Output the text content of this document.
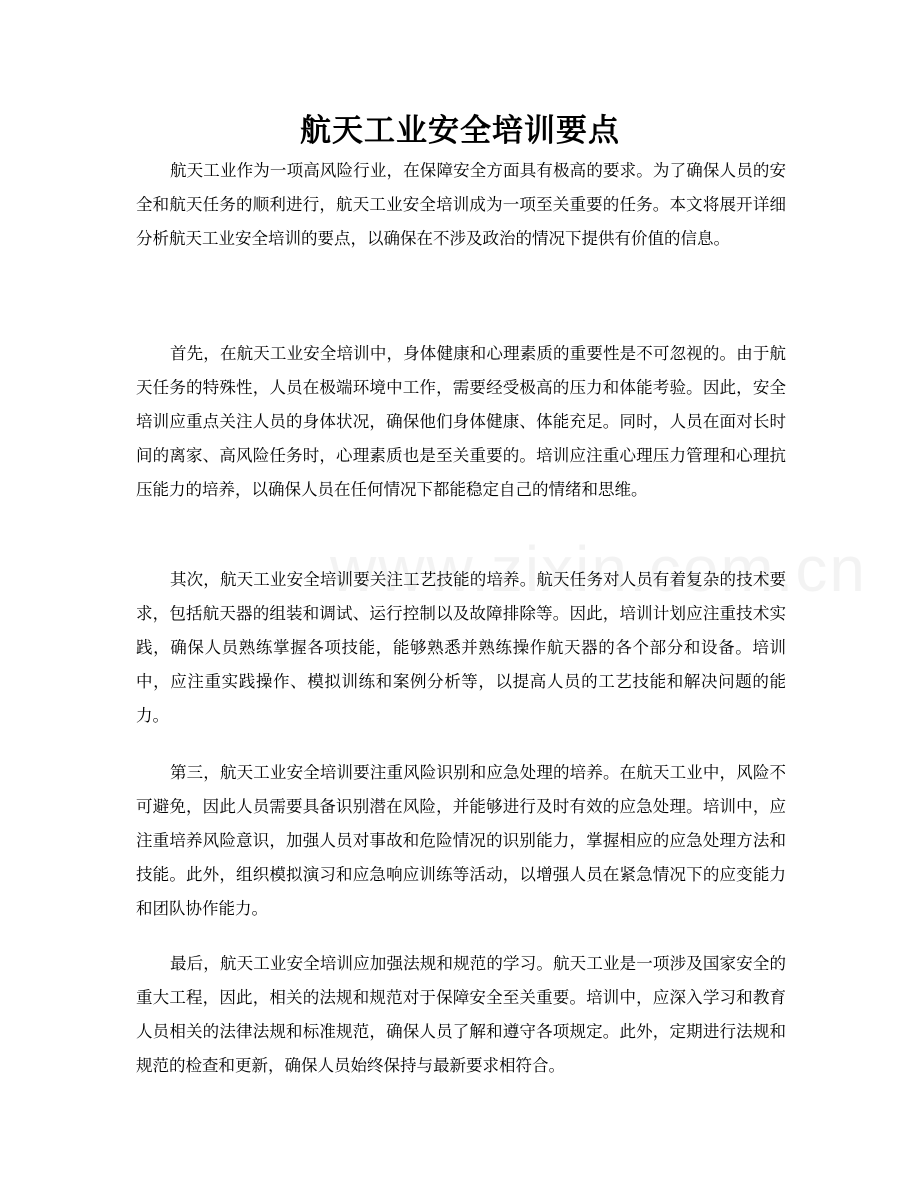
航天工业安全培训要点

航天工业作为一项高风险行业，在保障安全方面具有极高的要求。为了确保人员的安全和航天任务的顺利进行，航天工业安全培训成为一项至关重要的任务。本文将展开详细分析航天工业安全培训的要点，以确保在不涉及政治的情况下提供有价值的信息。

首先，在航天工业安全培训中，身体健康和心理素质的重要性是不可忽视的。由于航天任务的特殊性，人员在极端环境中工作，需要经受极高的压力和体能考验。因此，安全培训应重点关注人员的身体状况，确保他们身体健康、体能充足。同时，人员在面对长时间的离家、高风险任务时，心理素质也是至关重要的。培训应注重心理压力管理和心理抗压能力的培养，以确保人员在任何情况下都能稳定自己的情绪和思维。

其次，航天工业安全培训要关注工艺技能的培养。航天任务对人员有着复杂的技术要求，包括航天器的组装和调试、运行控制以及故障排除等。因此，培训计划应注重技术实践，确保人员熟练掌握各项技能，能够熟悉并熟练操作航天器的各个部分和设备。培训中，应注重实践操作、模拟训练和案例分析等，以提高人员的工艺技能和解决问题的能力。

第三，航天工业安全培训要注重风险识别和应急处理的培养。在航天工业中，风险不可避免，因此人员需要具备识别潜在风险，并能够进行及时有效的应急处理。培训中，应注重培养风险意识，加强人员对事故和危险情况的识别能力，掌握相应的应急处理方法和技能。此外，组织模拟演习和应急响应训练等活动，以增强人员在紧急情况下的应变能力和团队协作能力。

最后，航天工业安全培训应加强法规和规范的学习。航天工业是一项涉及国家安全的重大工程，因此，相关的法规和规范对于保障安全至关重要。培训中，应深入学习和教育人员相关的法律法规和标准规范，确保人员了解和遵守各项规定。此外，定期进行法规和规范的检查和更新，确保人员始终保持与最新要求相符合。
